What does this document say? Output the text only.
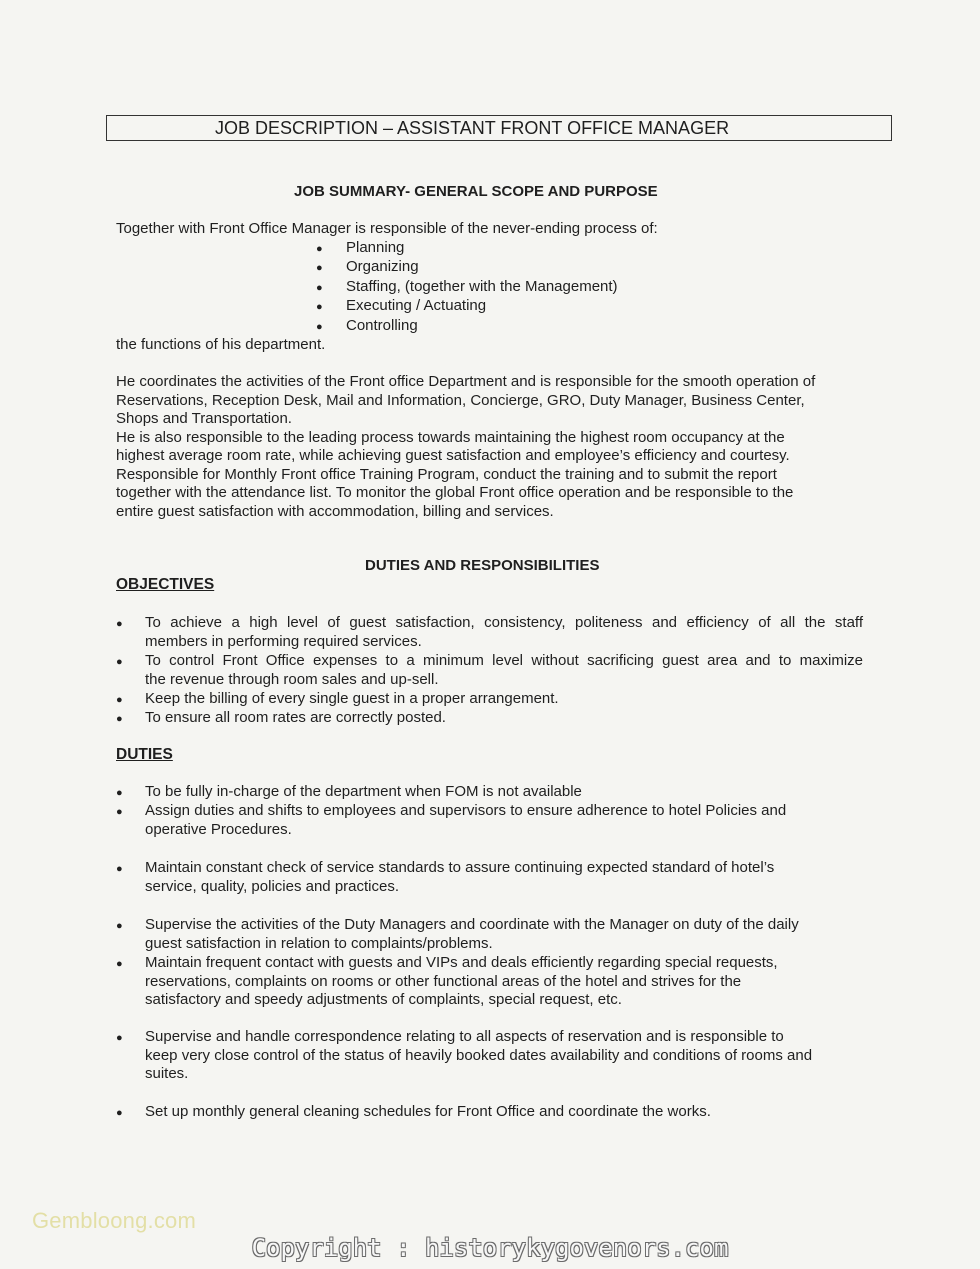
JOB DESCRIPTION – ASSISTANT FRONT OFFICE MANAGER
JOB SUMMARY- GENERAL SCOPE AND PURPOSE
Together with Front Office Manager is responsible of the never-ending process of:
● Planning
● Organizing
● Staffing, (together with the Management)
● Executing / Actuating
● Controlling
the functions of his department.
He coordinates the activities of the Front office Department and is responsible for the smooth operation of
Reservations, Reception Desk, Mail and Information, Concierge, GRO, Duty Manager, Business Center,
Shops and Transportation.
He is also responsible to the leading process towards maintaining the highest room occupancy at the
highest average room rate, while achieving guest satisfaction and employee’s efficiency and courtesy.
Responsible for Monthly Front office Training Program, conduct the training and to submit the report
together with the attendance list. To monitor the global Front office operation and be responsible to the
entire guest satisfaction with accommodation, billing and services.
DUTIES AND RESPONSIBILITIES
OBJECTIVES
● To achieve a high level of guest satisfaction, consistency, politeness and efficiency of all the staff
members in performing required services.
● To control Front Office expenses to a minimum level without sacrificing guest area and to maximize
the revenue through room sales and up-sell.
● Keep the billing of every single guest in a proper arrangement.
● To ensure all room rates are correctly posted.
DUTIES
● To be fully in-charge of the department when FOM is not available
● Assign duties and shifts to employees and supervisors to ensure adherence to hotel Policies and
operative Procedures.
● Maintain constant check of service standards to assure continuing expected standard of hotel’s
service, quality, policies and practices.
● Supervise the activities of the Duty Managers and coordinate with the Manager on duty of the daily
guest satisfaction in relation to complaints/problems.
● Maintain frequent contact with guests and VIPs and deals efficiently regarding special requests,
reservations, complaints on rooms or other functional areas of the hotel and strives for the
satisfactory and speedy adjustments of complaints, special request, etc.
● Supervise and handle correspondence relating to all aspects of reservation and is responsible to
keep very close control of the status of heavily booked dates availability and conditions of rooms and
suites.
● Set up monthly general cleaning schedules for Front Office and coordinate the works.
Gembloong.com
Copyright : historykygovenors.com
